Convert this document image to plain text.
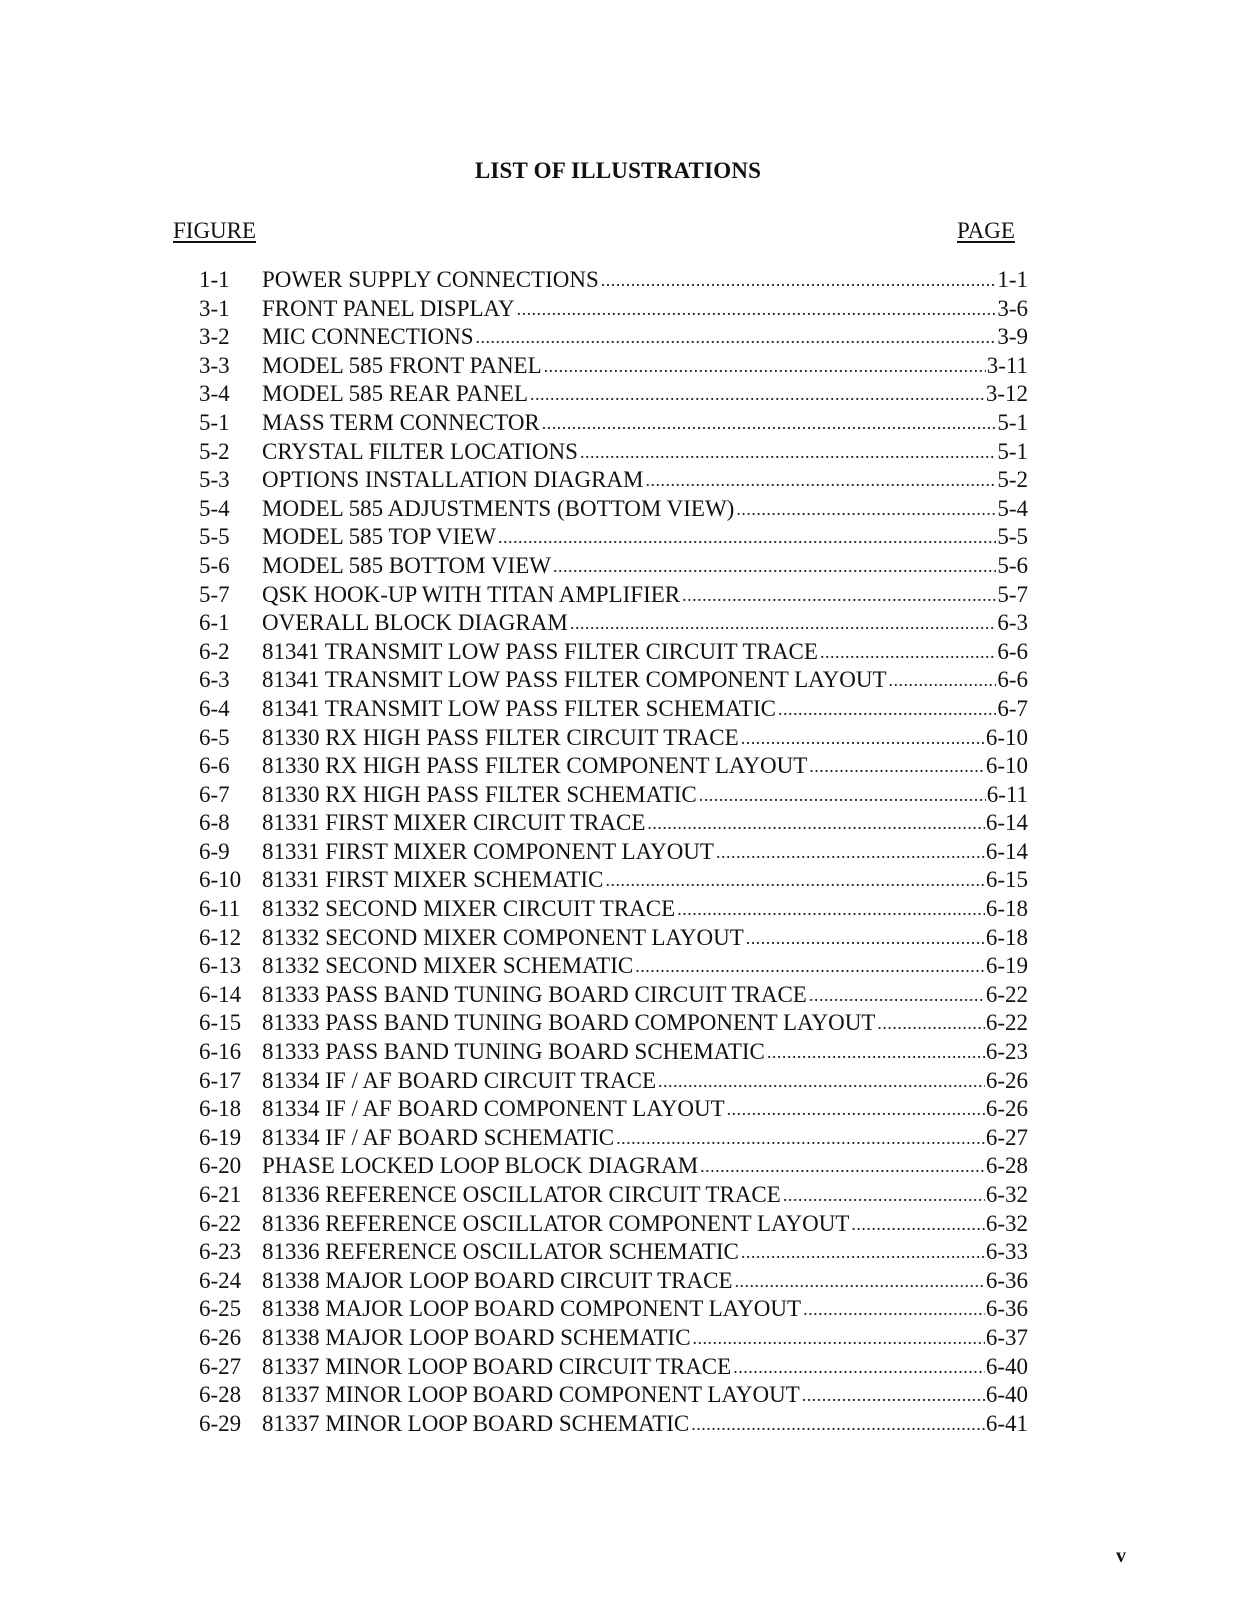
LIST OF ILLUSTRATIONS
FIGURE	PAGE
1-1	POWER SUPPLY CONNECTIONS .....	1-1
3-1	FRONT PANEL DISPLAY .....	3-6
3-2	MIC CONNECTIONS .....	3-9
3-3	MODEL 585 FRONT PANEL .....	3-11
3-4	MODEL 585 REAR PANEL .....	3-12
5-1	MASS TERM CONNECTOR .....	5-1
5-2	CRYSTAL FILTER LOCATIONS .....	5-1
5-3	OPTIONS INSTALLATION DIAGRAM .....	5-2
5-4	MODEL 585 ADJUSTMENTS (BOTTOM VIEW) .....	5-4
5-5	MODEL 585 TOP VIEW .....	5-5
5-6	MODEL 585 BOTTOM VIEW .....	5-6
5-7	QSK HOOK-UP WITH TITAN AMPLIFIER .....	5-7
6-1	OVERALL BLOCK DIAGRAM .....	6-3
6-2	81341 TRANSMIT LOW PASS FILTER CIRCUIT TRACE .....	6-6
6-3	81341 TRANSMIT LOW PASS FILTER COMPONENT LAYOUT .....	6-6
6-4	81341 TRANSMIT LOW PASS FILTER SCHEMATIC .....	6-7
6-5	81330 RX HIGH PASS FILTER CIRCUIT TRACE .....	6-10
6-6	81330 RX HIGH PASS FILTER COMPONENT LAYOUT .....	6-10
6-7	81330 RX HIGH PASS FILTER SCHEMATIC .....	6-11
6-8	81331 FIRST MIXER CIRCUIT TRACE .....	6-14
6-9	81331 FIRST MIXER COMPONENT LAYOUT .....	6-14
6-10 81331 FIRST MIXER SCHEMATIC .....	6-15
6-11 81332 SECOND MIXER CIRCUIT TRACE .....	6-18
6-12 81332 SECOND MIXER COMPONENT LAYOUT .....	6-18
6-13 81332 SECOND MIXER SCHEMATIC .....	6-19
6-14 81333 PASS BAND TUNING BOARD CIRCUIT TRACE .....	6-22
6-15 81333 PASS BAND TUNING BOARD COMPONENT LAYOUT .....	6-22
6-16 81333 PASS BAND TUNING BOARD SCHEMATIC .....	6-23
6-17 81334 IF / AF BOARD CIRCUIT TRACE .....	6-26
6-18 81334 IF / AF BOARD COMPONENT LAYOUT .....	6-26
6-19 81334 IF / AF BOARD SCHEMATIC .....	6-27
6-20 PHASE LOCKED LOOP BLOCK DIAGRAM .....	6-28
6-21 81336 REFERENCE OSCILLATOR CIRCUIT TRACE .....	6-32
6-22 81336 REFERENCE OSCILLATOR COMPONENT LAYOUT .....	6-32
6-23 81336 REFERENCE OSCILLATOR SCHEMATIC .....	6-33
6-24 81338 MAJOR LOOP BOARD CIRCUIT TRACE .....	6-36
6-25 81338 MAJOR LOOP BOARD COMPONENT LAYOUT .....	6-36
6-26 81338 MAJOR LOOP BOARD SCHEMATIC .....	6-37
6-27 81337 MINOR LOOP BOARD CIRCUIT TRACE .....	6-40
6-28 81337 MINOR LOOP BOARD COMPONENT LAYOUT .....	6-40
6-29 81337 MINOR LOOP BOARD SCHEMATIC .....	6-41
v
